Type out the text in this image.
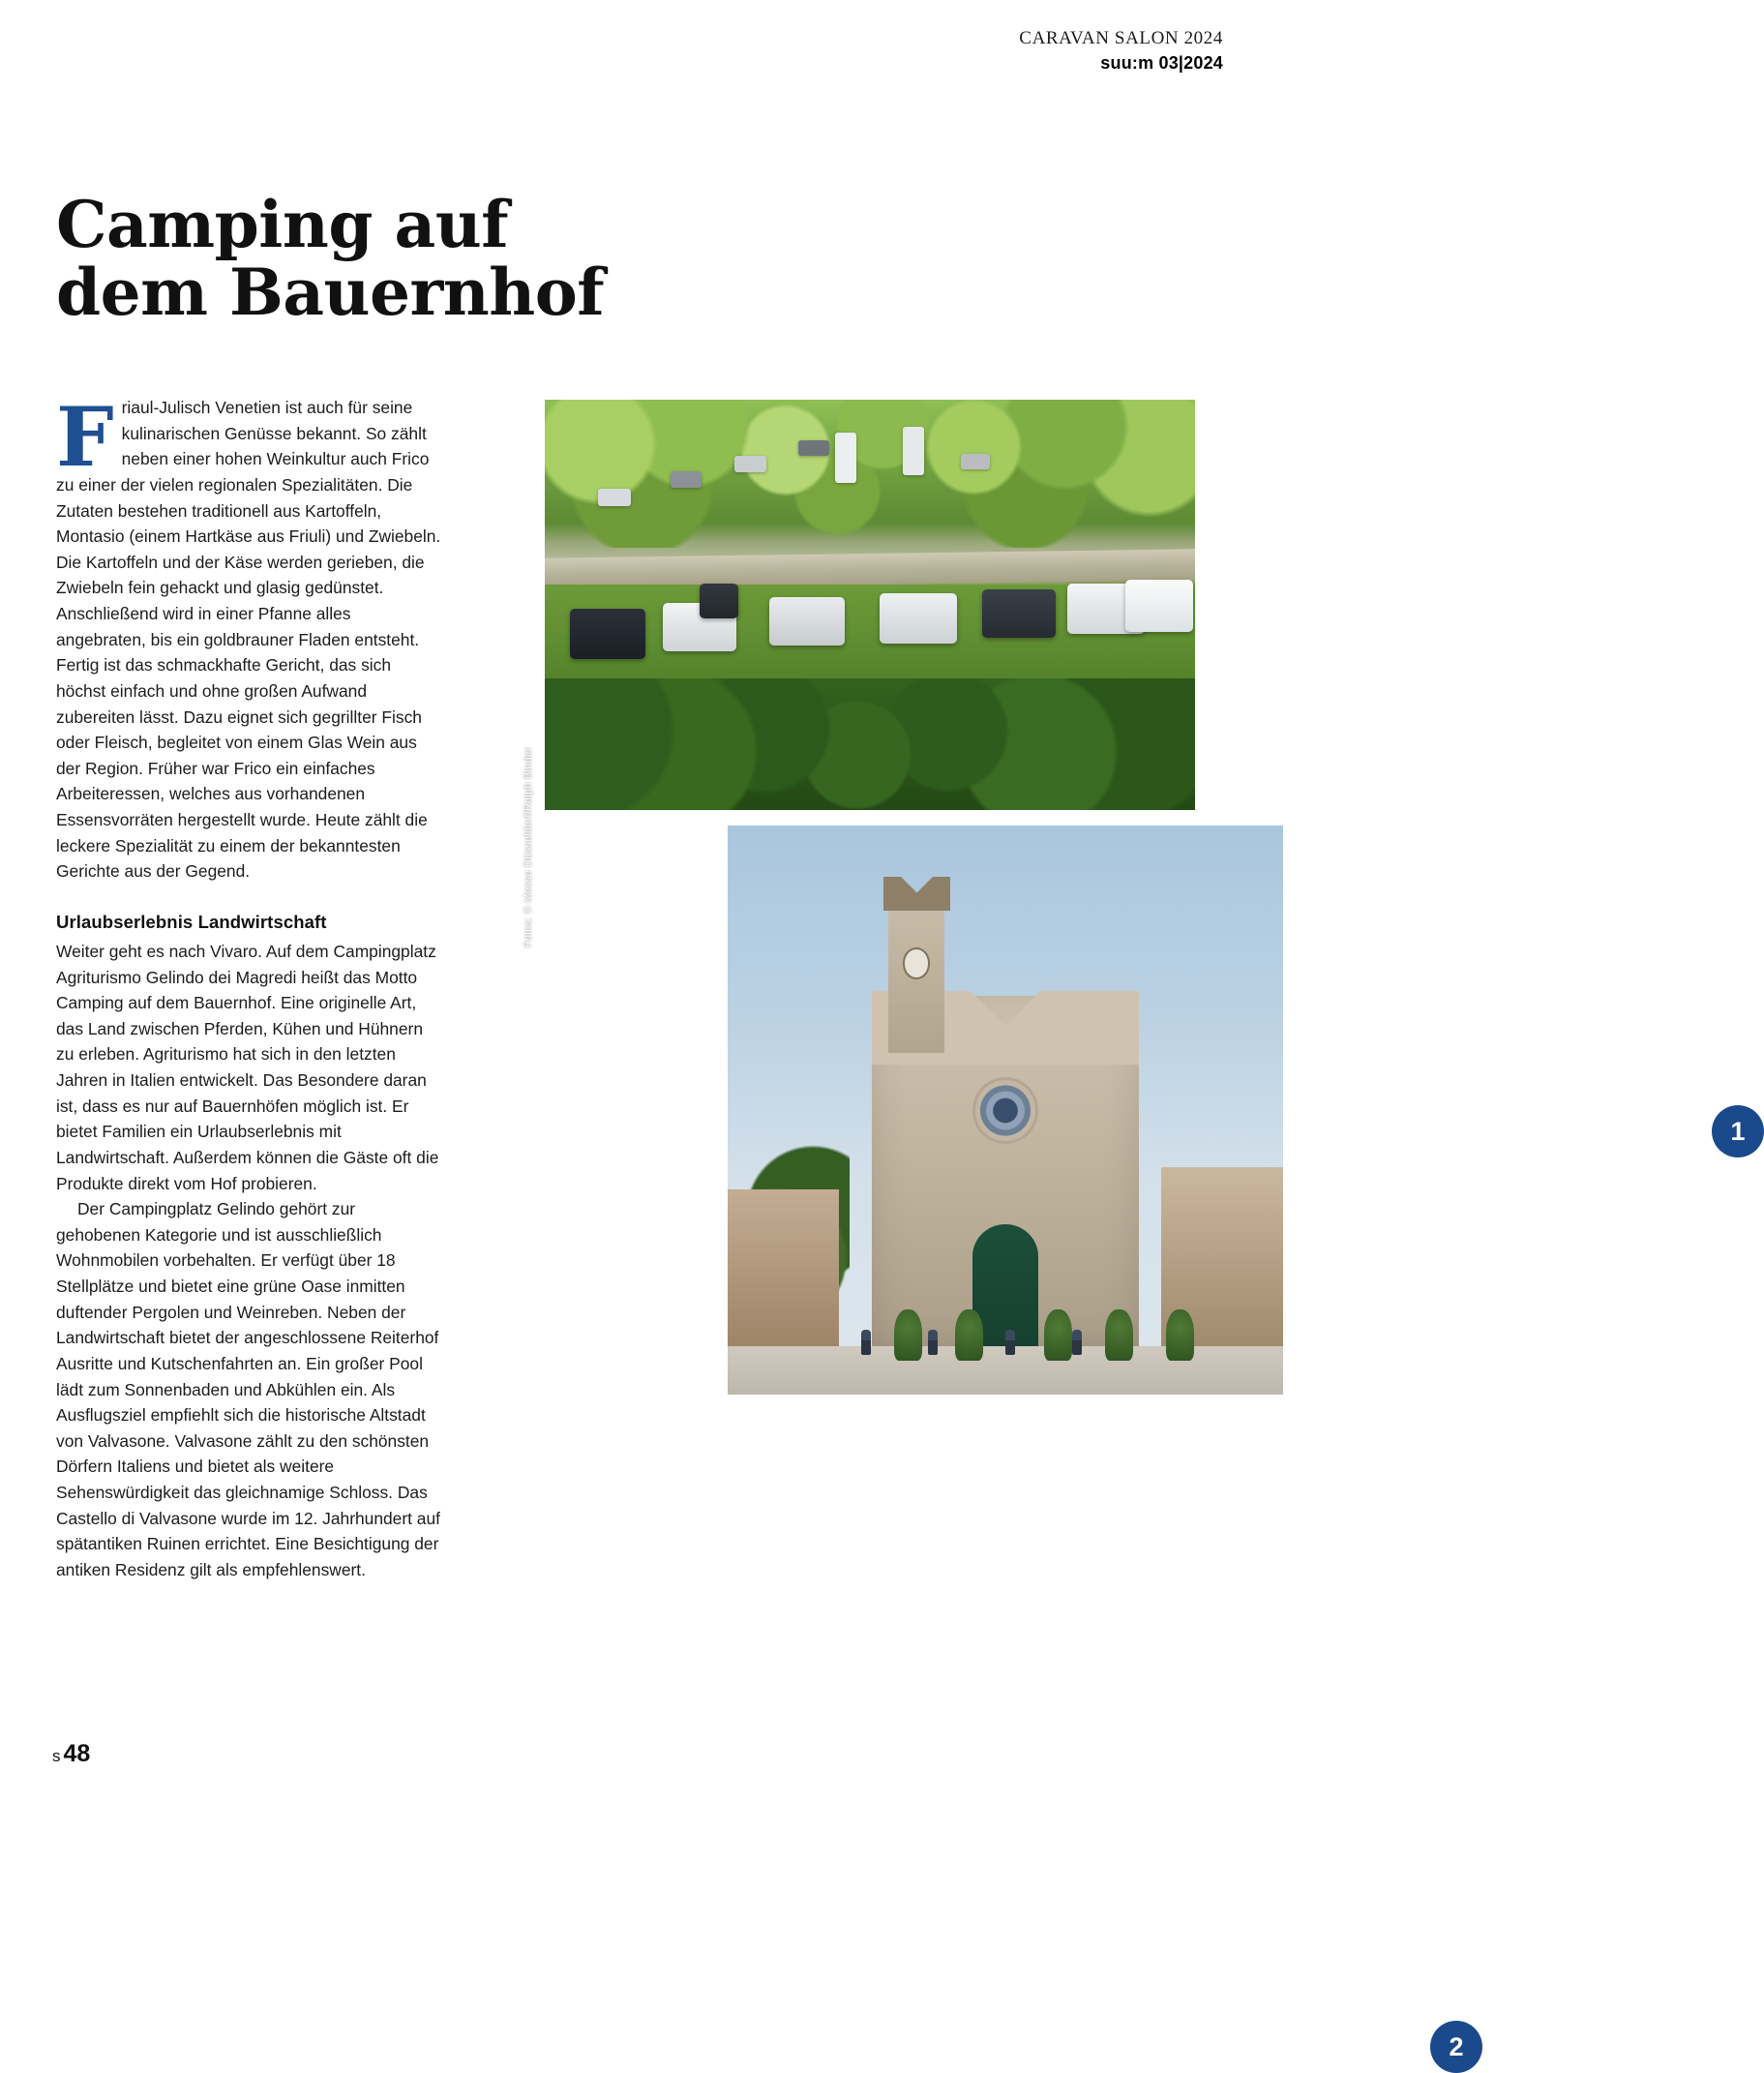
CARAVAN SALON 2024
suu:m 03|2024
Camping auf
dem Bauernhof

Friaul-Julisch Venetien ist auch für seine kulinarischen Genüsse bekannt. So zählt neben einer hohen Weinkultur auch Frico zu einer der vielen regionalen Spezialitäten. Die Zutaten bestehen traditionell aus Kartoffeln, Montasio (einem Hartkäse aus Friuli) und Zwiebeln. Die Kartoffeln und der Käse werden gerieben, die Zwiebeln fein gehackt und glasig gedünstet. Anschließend wird in einer Pfanne alles angebraten, bis ein goldbrauner Fladen entsteht. Fertig ist das schmackhafte Gericht, das sich höchst einfach und ohne großen Aufwand zubereiten lässt. Dazu eignet sich gegrillter Fisch oder Fleisch, begleitet von einem Glas Wein aus der Region. Früher war Frico ein einfaches Arbeiteressen, welches aus vorhandenen Essensvorräten hergestellt wurde. Heute zählt die leckere Spezialität zu einem der bekanntesten Gerichte aus der Gegend.

Urlaubserlebnis Landwirtschaft

Weiter geht es nach Vivaro. Auf dem Campingplatz Agriturismo Gelindo dei Magredi heißt das Motto Camping auf dem Bauernhof. Eine originelle Art, das Land zwischen Pferden, Kühen und Hühnern zu erleben. Agriturismo hat sich in den letzten Jahren in Italien entwickelt. Das Besondere daran ist, dass es nur auf Bauernhöfen möglich ist. Er bietet Familien ein Urlaubserlebnis mit Landwirtschaft. Außerdem können die Gäste oft die Produkte direkt vom Hof probieren.

Der Campingplatz Gelindo gehört zur gehobenen Kategorie und ist ausschließlich Wohnmobilen vorbehalten. Er verfügt über 18 Stellplätze und bietet eine grüne Oase inmitten duftender Pergolen und Weinreben. Neben der Landwirtschaft bietet der angeschlossene Reiterhof Ausritte und Kutschenfahrten an. Ein großer Pool lädt zum Sonnenbaden und Abkühlen ein. Als Ausflugsziel empfiehlt sich die historische Altstadt von Valvasone. Valvasone zählt zu den schönsten Dörfern Italiens und bietet als weitere Sehenswürdigkeit das gleichnamige Schloss. Das Castello di Valvasone wurde im 12. Jahrhundert auf spätantiken Ruinen errichtet. Eine Besichtigung der antiken Residenz gilt als empfehlenswert.

Fotos: © Messe Düsseldorf/Ralph Binder
1
2
s 48
